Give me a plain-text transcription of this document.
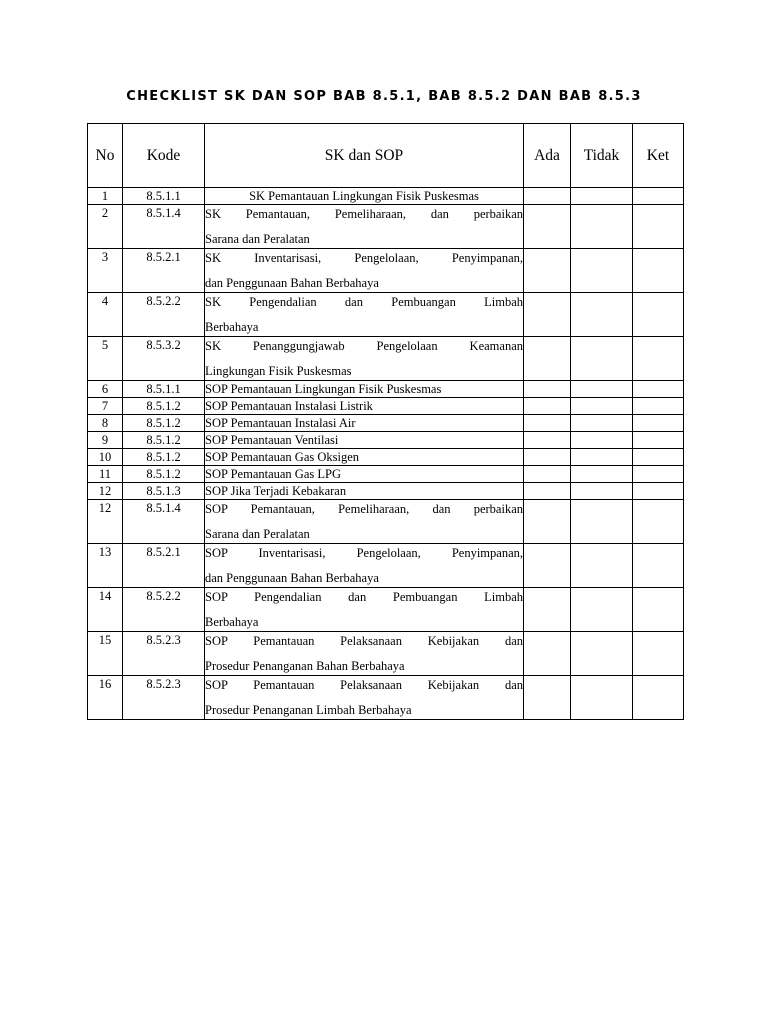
CHECKLIST SK DAN SOP BAB 8.5.1, BAB 8.5.2 DAN BAB 8.5.3
No	Kode	SK dan SOP	Ada	Tidak	Ket
1	8.5.1.1	SK Pemantauan Lingkungan Fisik Puskesmas			
2	8.5.1.4	SK Pemantauan, Pemeliharaan, dan perbaikan
Sarana dan Peralatan			

3	8.5.2.1	SK Inventarisasi, Pengelolaan, Penyimpanan,
dan Penggunaan Bahan Berbahaya			

4	8.5.2.2	SK Pengendalian dan Pembuangan Limbah
Berbahaya			

5	8.5.3.2	SK Penanggungjawab Pengelolaan Keamanan
Lingkungan Fisik Puskesmas			

6	8.5.1.1	SOP Pemantauan Lingkungan Fisik Puskesmas			
7	8.5.1.2	SOP Pemantauan Instalasi Listrik			
8	8.5.1.2	SOP Pemantauan Instalasi Air			
9	8.5.1.2	SOP Pemantauan Ventilasi			
10	8.5.1.2	SOP Pemantauan Gas Oksigen			
11	8.5.1.2	SOP Pemantauan Gas LPG			
12	8.5.1.3	SOP Jika Terjadi Kebakaran			
12	8.5.1.4	SOP Pemantauan, Pemeliharaan, dan perbaikan
Sarana dan Peralatan			

13	8.5.2.1	SOP Inventarisasi, Pengelolaan, Penyimpanan,
dan Penggunaan Bahan Berbahaya			

14	8.5.2.2	SOP Pengendalian dan Pembuangan Limbah
Berbahaya			

15	8.5.2.3	SOP Pemantauan Pelaksanaan Kebijakan dan
Prosedur Penanganan Bahan Berbahaya			

16	8.5.2.3	SOP Pemantauan Pelaksanaan Kebijakan dan
Prosedur Penanganan Limbah Berbahaya			
